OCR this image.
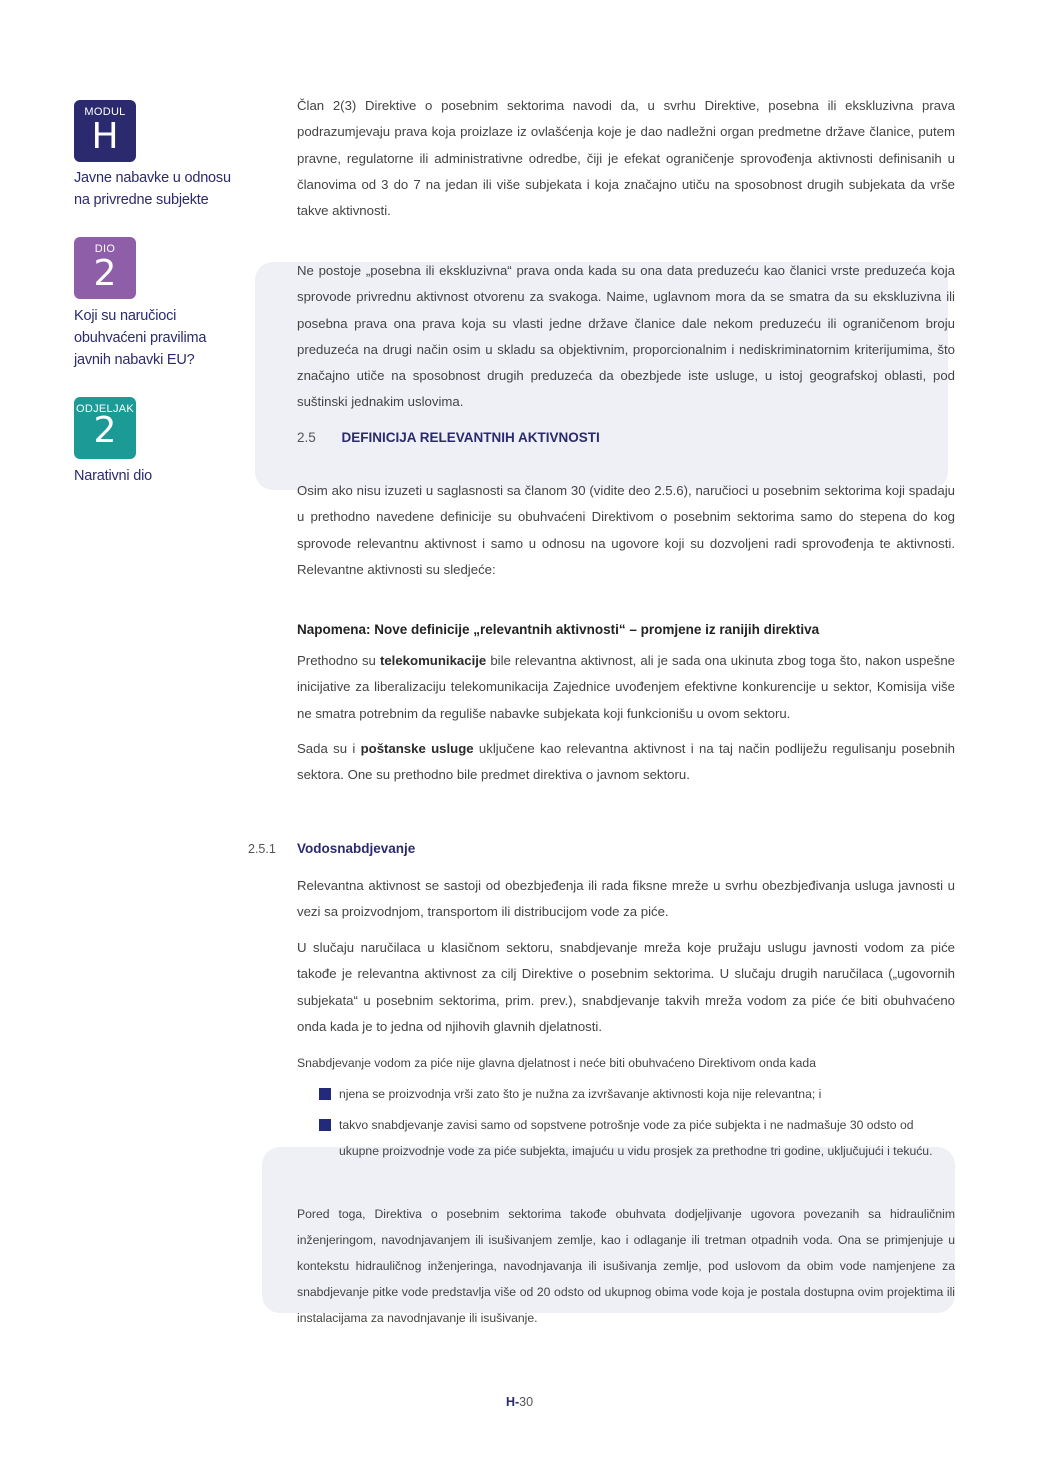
MODUL
H
Javne nabavke u odnosu na privredne subjekte
DIO
2
Koji su naručioci obuhvaćeni pravilima javnih nabavki EU?
ODJELJAK
2
Narativni dio
Član 2(3) Direktive o posebnim sektorima navodi da, u svrhu Direktive, posebna ili ekskluzivna prava podrazumjevaju prava koja proizlaze iz ovlašćenja koje je dao nadležni organ predmetne države članice, putem pravne, regulatorne ili administrativne odredbe, čiji je efekat ograničenje sprovođenja aktivnosti definisanih u članovima od 3 do 7 na jedan ili više subjekata i koja značajno utiču na sposobnost drugih subjekata da vrše takve aktivnosti.
Ne postoje „posebna ili ekskluzivna“ prava onda kada su ona data preduzeću kao članici vrste preduzeća koja sprovode privrednu aktivnost otvorenu za svakoga. Naime, uglavnom mora da se smatra da su ekskluzivna ili posebna prava ona prava koja su vlasti jedne države članice dale nekom preduzeću ili ograničenom broju preduzeća na drugi način osim u skladu sa objektivnim, proporcionalnim i nediskriminatornim kriterijumima, što značajno utiče na sposobnost drugih preduzeća da obezbjede iste usluge, u istoj geografskoj oblasti, pod suštinski jednakim uslovima.
2.5 DEFINICIJA RELEVANTNIH AKTIVNOSTI
Osim ako nisu izuzeti u saglasnosti sa članom 30 (vidite deo 2.5.6), naručioci u posebnim sektorima koji spadaju u prethodno navedene definicije su obuhvaćeni Direktivom o posebnim sektorima samo do stepena do kog sprovode relevantnu aktivnost i samo u odnosu na ugovore koji su dozvoljeni radi sprovođenja te aktivnosti. Relevantne aktivnosti su sledjeće:
Napomena: Nove definicije „relevantnih aktivnosti“ – promjene iz ranijih direktiva
Prethodno su telekomunikacije bile relevantna aktivnost, ali je sada ona ukinuta zbog toga što, nakon uspešne inicijative za liberalizaciju telekomunikacija Zajednice uvođenjem efektivne konkurencije u sektor, Komisija više ne smatra potrebnim da reguliše nabavke subjekata koji funkcionišu u ovom sektoru.
Sada su i poštanske usluge uključene kao relevantna aktivnost i na taj način podliježu regulisanju posebnih sektora. One su prethodno bile predmet direktiva o javnom sektoru.
2.5.1 Vodosnabdjevanje
Relevantna aktivnost se sastoji od obezbjeđenja ili rada fiksne mreže u svrhu obezbjeđivanja usluga javnosti u vezi sa proizvodnjom, transportom ili distribucijom vode za piće.
U slučaju naručilaca u klasičnom sektoru, snabdjevanje mreža koje pružaju uslugu javnosti vodom za piće takođe je relevantna aktivnost za cilj Direktive o posebnim sektorima. U slučaju drugih naručilaca („ugovornih subjekata“ u posebnim sektorima, prim. prev.), snabdjevanje takvih mreža vodom za piće će biti obuhvaćeno onda kada je to jedna od njihovih glavnih djelatnosti.
Snabdjevanje vodom za piće nije glavna djelatnost i neće biti obuhvaćeno Direktivom onda kada
njena se proizvodnja vrši zato što je nužna za izvršavanje aktivnosti koja nije relevantna; i
takvo snabdjevanje zavisi samo od sopstvene potrošnje vode za piće subjekta i ne nadmašuje 30 odsto od ukupne proizvodnje vode za piće subjekta, imajuću u vidu prosjek za prethodne tri godine, uključujući i tekuću.
Pored toga, Direktiva o posebnim sektorima takođe obuhvata dodjeljivanje ugovora povezanih sa hidrauličnim inženjeringom, navodnjavanjem ili isušivanjem zemlje, kao i odlaganje ili tretman otpadnih voda. Ona se primjenjuje u kontekstu hidrauličnog inženjeringa, navodnjavanja ili isušivanja zemlje, pod uslovom da obim vode namjenjene za snabdjevanje pitke vode predstavlja više od 20 odsto od ukupnog obima vode koja je postala dostupna ovim projektima ili instalacijama za navodnjavanje ili isušivanje.
H-30
